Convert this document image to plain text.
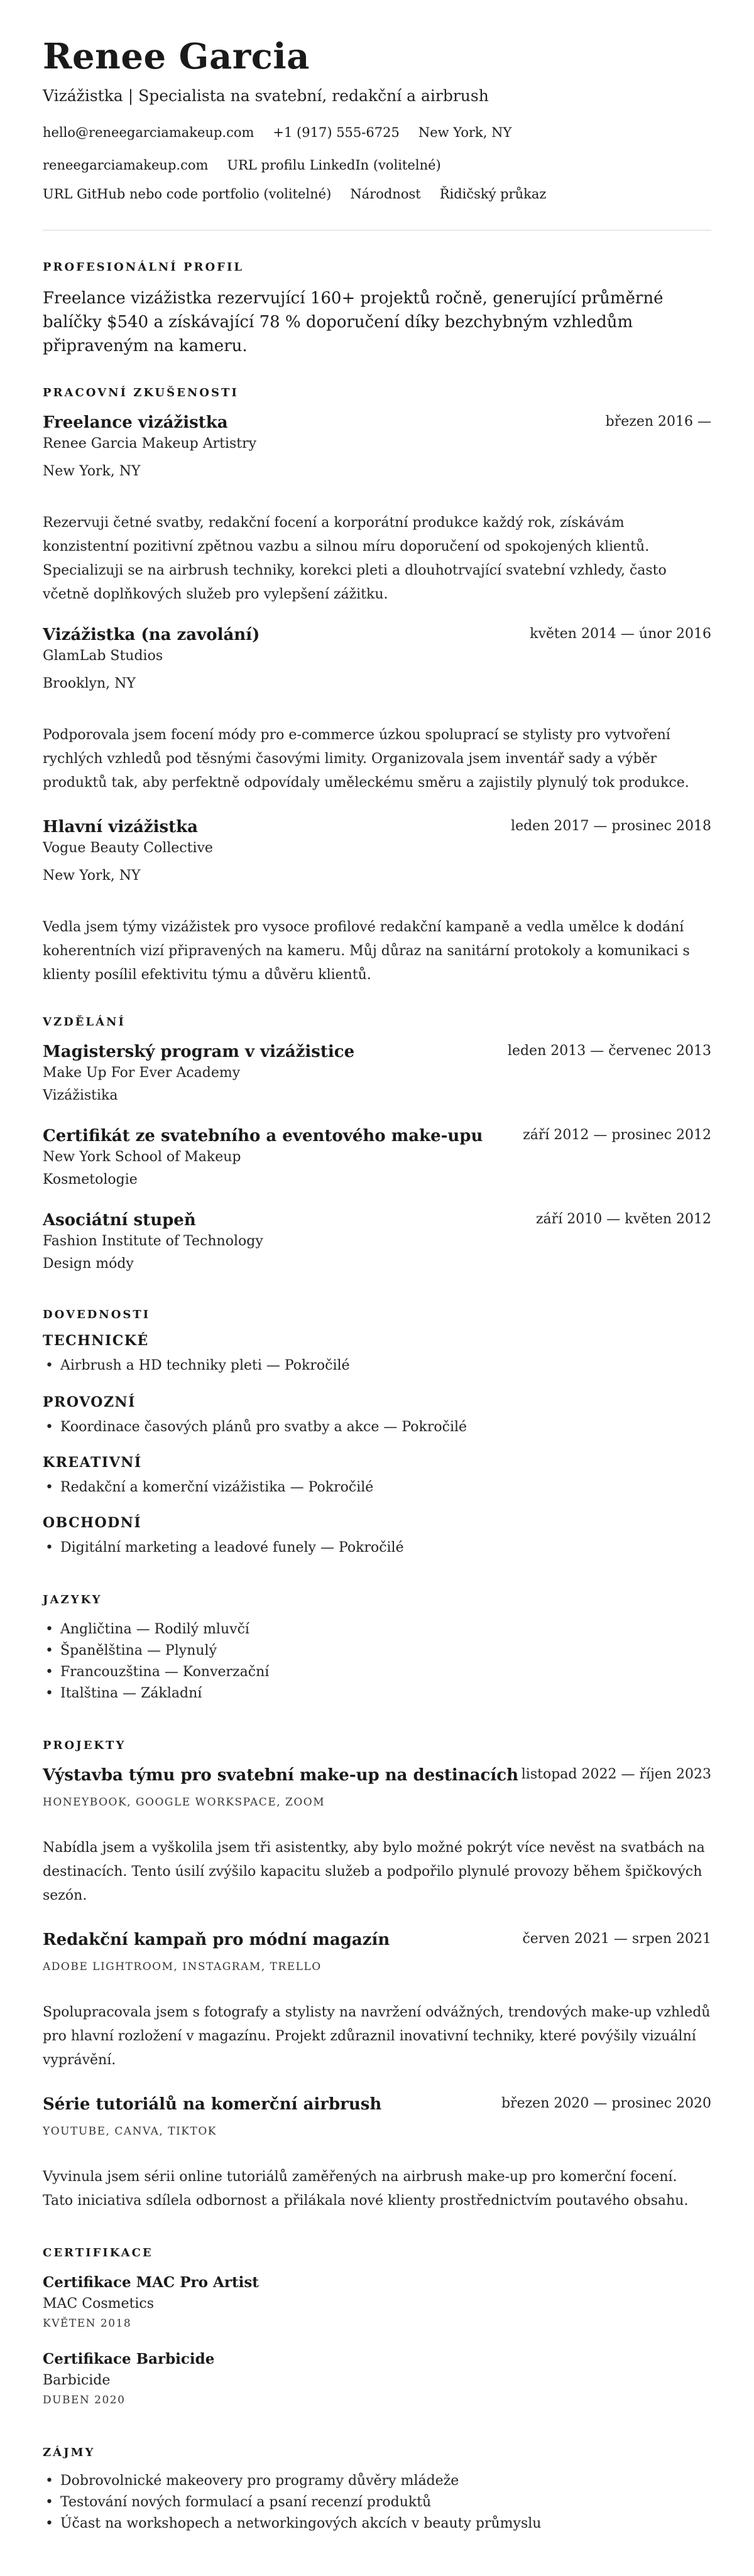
Renee Garcia

Vizážistka | Specialista na svatební, redakční a airbrush

hello@reneegarciamakeup.com +1 (917) 555-6725 New York, NY
reneegarciamakeup.com URL profilu LinkedIn (volitelné)
URL GitHub nebo code portfolio (volitelné) Národnost Řidičský průkaz
PROFESIONÁLNÍ PROFIL

Freelance vizážistka rezervující 160+ projektů ročně, generující průměrné balíčky $540 a získávající 78 % doporučení díky bezchybným vzhledům připraveným na kameru.

PRACOVNÍ ZKUŠENOSTI
Freelance vizážistka	březen 2016 —
Renee Garcia Makeup Artistry
New York, NY

Rezervuji četné svatby, redakční focení a korporátní produkce každý rok, získávám konzistentní pozitivní zpětnou vazbu a silnou míru doporučení od spokojených klientů. Specializuji se na airbrush techniky, korekci pleti a dlouhotrvající svatební vzhledy, často včetně doplňkových služeb pro vylepšení zážitku.

Vizážistka (na zavolání)	květen 2014 — únor 2016
GlamLab Studios
Brooklyn, NY

Podporovala jsem focení módy pro e-commerce úzkou spoluprací se stylisty pro vytvoření rychlých vzhledů pod těsnými časovými limity. Organizovala jsem inventář sady a výběr produktů tak, aby perfektně odpovídaly uměleckému směru a zajistily plynulý tok produkce.

Hlavní vizážistka	leden 2017 — prosinec 2018
Vogue Beauty Collective
New York, NY

Vedla jsem týmy vizážistek pro vysoce profilové redakční kampaně a vedla umělce k dodání koherentních vizí připravených na kameru. Můj důraz na sanitární protokoly a komunikaci s klienty posílil efektivitu týmu a důvěru klientů.

VZDĚLÁNÍ
Magisterský program v vizážistice	leden 2013 — červenec 2013
Make Up For Ever Academy
Vizážistika
Certifikát ze svatebního a eventového make-upu	září 2012 — prosinec 2012
New York School of Makeup
Kosmetologie
Asociátní stupeň	září 2010 — květen 2012
Fashion Institute of Technology
Design módy
DOVEDNOSTI
TECHNICKÉ
• Airbrush a HD techniky pleti — Pokročilé
PROVOZNÍ
• Koordinace časových plánů pro svatby a akce — Pokročilé
KREATIVNÍ
• Redakční a komerční vizážistika — Pokročilé
OBCHODNÍ
• Digitální marketing a leadové funely — Pokročilé
JAZYKY
• Angličtina — Rodilý mluvčí
• Španělština — Plynulý
• Francouzština — Konverzační
• Italština — Základní
PROJEKTY
Výstavba týmu pro svatební make-up na destinacích listopad 2022 — říjen 2023
HONEYBOOK, GOOGLE WORKSPACE, ZOOM

Nabídla jsem a vyškolila jsem tři asistentky, aby bylo možné pokrýt více nevěst na svatbách na destinacích. Tento úsilí zvýšilo kapacitu služeb a podpořilo plynulé provozy během špičkových sezón.

Redakční kampaň pro módní magazín	červen 2021 — srpen 2021
ADOBE LIGHTROOM, INSTAGRAM, TRELLO

Spolupracovala jsem s fotografy a stylisty na navržení odvážných, trendových make-up vzhledů pro hlavní rozložení v magazínu. Projekt zdůraznil inovativní techniky, které povýšily vizuální vyprávění.

Série tutoriálů na komerční airbrush	březen 2020 — prosinec 2020
YOUTUBE, CANVA, TIKTOK

Vyvinula jsem sérii online tutoriálů zaměřených na airbrush make-up pro komerční focení. Tato iniciativa sdílela odbornost a přilákala nové klienty prostřednictvím poutavého obsahu.

CERTIFIKACE
Certifikace MAC Pro Artist
MAC Cosmetics
KVĚTEN 2018
Certifikace Barbicide
Barbicide
DUBEN 2020
ZÁJMY
• Dobrovolnické makeovery pro programy důvěry mládeže
• Testování nových formulací a psaní recenzí produktů
• Účast na workshopech a networkingových akcích v beauty průmyslu
